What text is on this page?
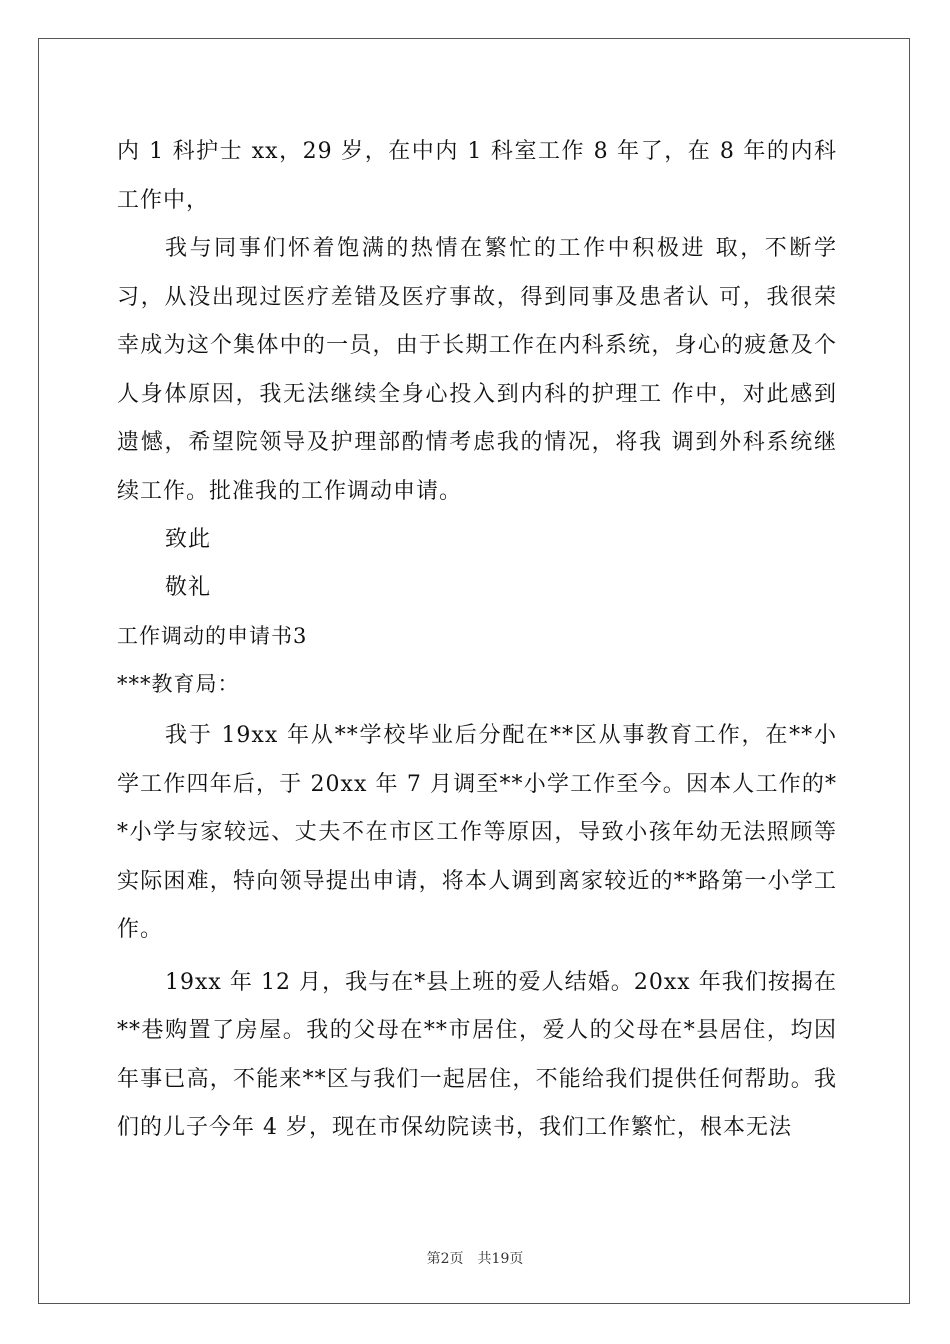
内 1 科护士 xx，29 岁，在中内 1 科室工作 8 年了，在 8 年的内科工作中，

我与同事们怀着饱满的热情在繁忙的工作中积极进 取，不断学习，从没出现过医疗差错及医疗事故，得到同事及患者认 可，我很荣幸成为这个集体中的一员，由于长期工作在内科系统，身心的疲惫及个人身体原因，我无法继续全身心投入到内科的护理工 作中，对此感到遗憾，希望院领导及护理部酌情考虑我的情况，将我 调到外科系统继续工作。批准我的工作调动申请。

致此

敬礼

工作调动的申请书3

***教育局：

我于 19xx 年从**学校毕业后分配在**区从事教育工作，在**小学工作四年后，于 20xx 年 7 月调至**小学工作至今。因本人工作的**小学与家较远、丈夫不在市区工作等原因，导致小孩年幼无法照顾等实际困难，特向领导提出申请，将本人调到离家较近的**路第一小学工作。

19xx 年 12 月，我与在*县上班的爱人结婚。20xx 年我们按揭在**巷购置了房屋。我的父母在**市居住，爱人的父母在*县居住，均因年事已高，不能来**区与我们一起居住，不能给我们提供任何帮助。我们的儿子今年 4 岁，现在市保幼院读书，我们工作繁忙，根本无法

第2页　共19页
